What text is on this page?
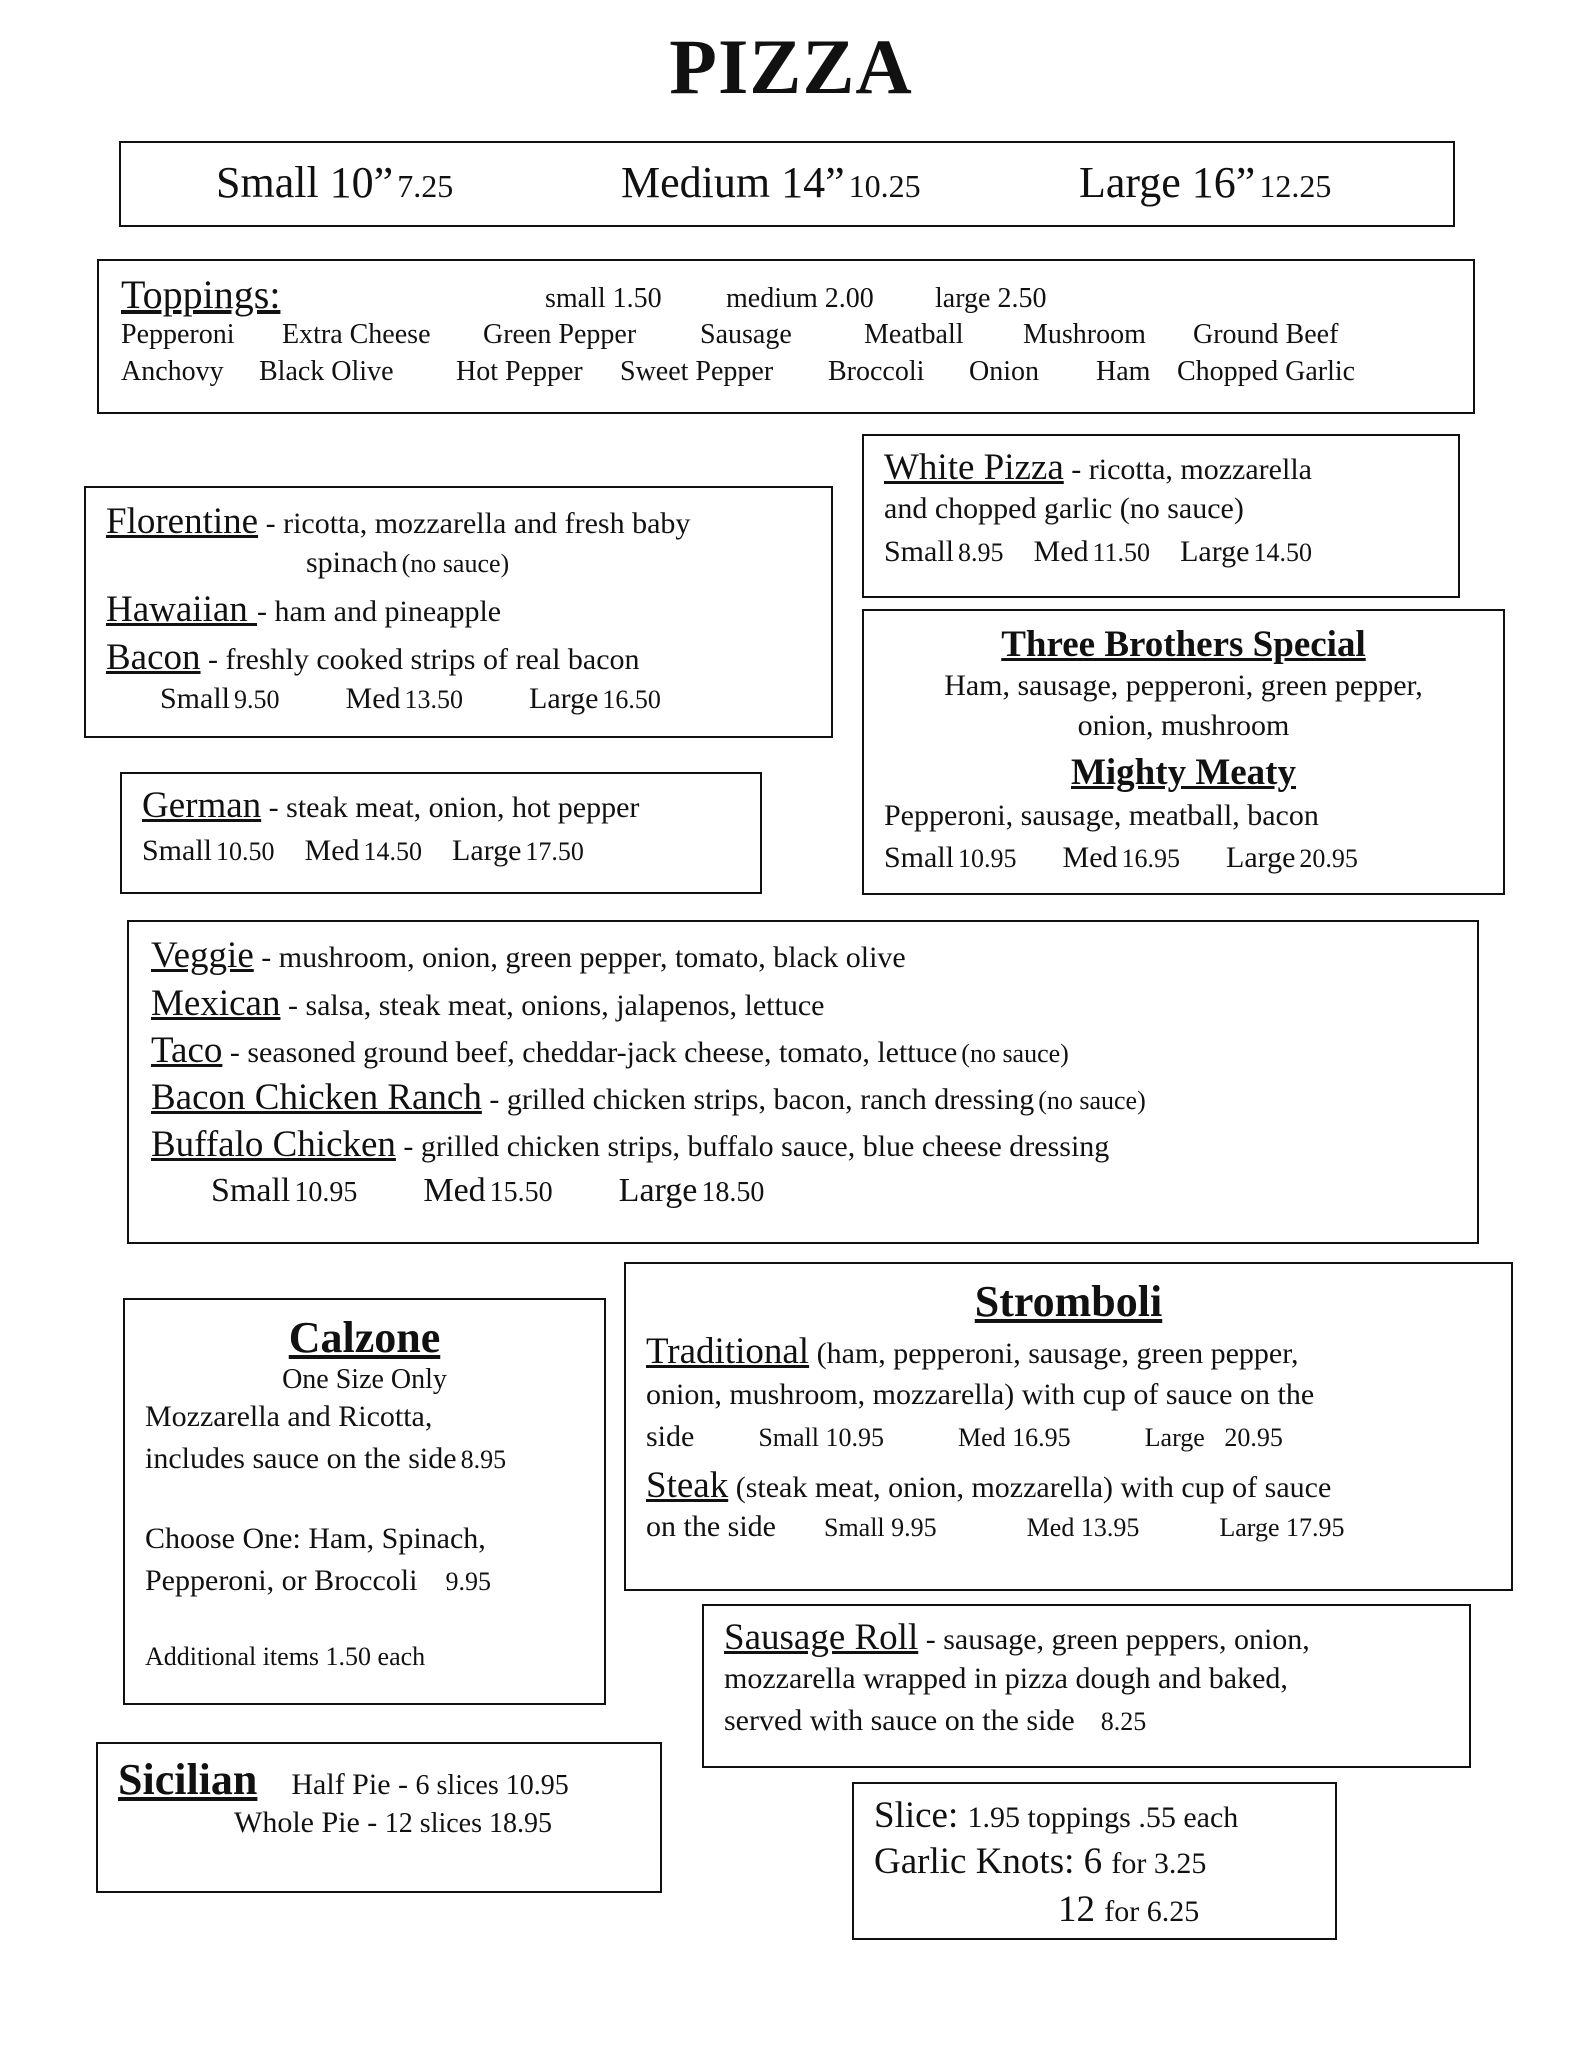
PIZZA
Small 10” 7.25	Medium 14” 10.25	Large 16” 12.25
Toppings:	small 1.50 medium 2.00 large 2.50
Pepperoni Extra Cheese Green Pepper Sausage	Meatball Mushroom Ground Beef
Anchovy Black Olive Hot Pepper Sweet Pepper Broccoli Onion Ham Chopped Garlic
White Pizza - ricotta, mozzarella
and chopped garlic (no sauce)
Small 8.95 Med 11.50 Large 14.50
Florentine - ricotta, mozzarella and fresh baby
spinach (no sauce)
Hawaiian - ham and pineapple
Bacon - freshly cooked strips of real bacon
Small 9.50 Med 13.50 Large 16.50
Three Brothers Special
Ham, sausage, pepperoni, green pepper,
onion, mushroom
Mighty Meaty
Pepperoni, sausage, meatball, bacon
Small 10.95 Med 16.95 Large 20.95
German - steak meat, onion, hot pepper
Small 10.50 Med 14.50 Large 17.50
Veggie - mushroom, onion, green pepper, tomato, black olive
Mexican - salsa, steak meat, onions, jalapenos, lettuce
Taco - seasoned ground beef, cheddar-jack cheese, tomato, lettuce (no sauce)
Bacon Chicken Ranch - grilled chicken strips, bacon, ranch dressing (no sauce)
Buffalo Chicken - grilled chicken strips, buffalo sauce, blue cheese dressing
Small 10.95 Med 15.50 Large 18.50
Calzone
One Size Only
Mozzarella and Ricotta,
includes sauce on the side 8.95
Choose One: Ham, Spinach,
Pepperoni, or Broccoli 9.95
Additional items 1.50 each
Stromboli
Traditional (ham, pepperoni, sausage, green pepper,
onion, mushroom, mozzarella) with cup of sauce on the
side Small 10.95	Med 16.95	Large   20.95
Steak (steak meat, onion, mozzarella) with cup of sauce
on the side Small 9.95	Med 13.95	Large 17.95
Sausage Roll - sausage, green peppers, onion,
mozzarella wrapped in pizza dough and baked,
served with sauce on the side 8.25
Sicilian Half Pie - 6 slices 10.95
Whole Pie - 12 slices 18.95	Slice: 1.95 toppings .55 each
Garlic Knots: 6 for 3.25
12 for 6.25
